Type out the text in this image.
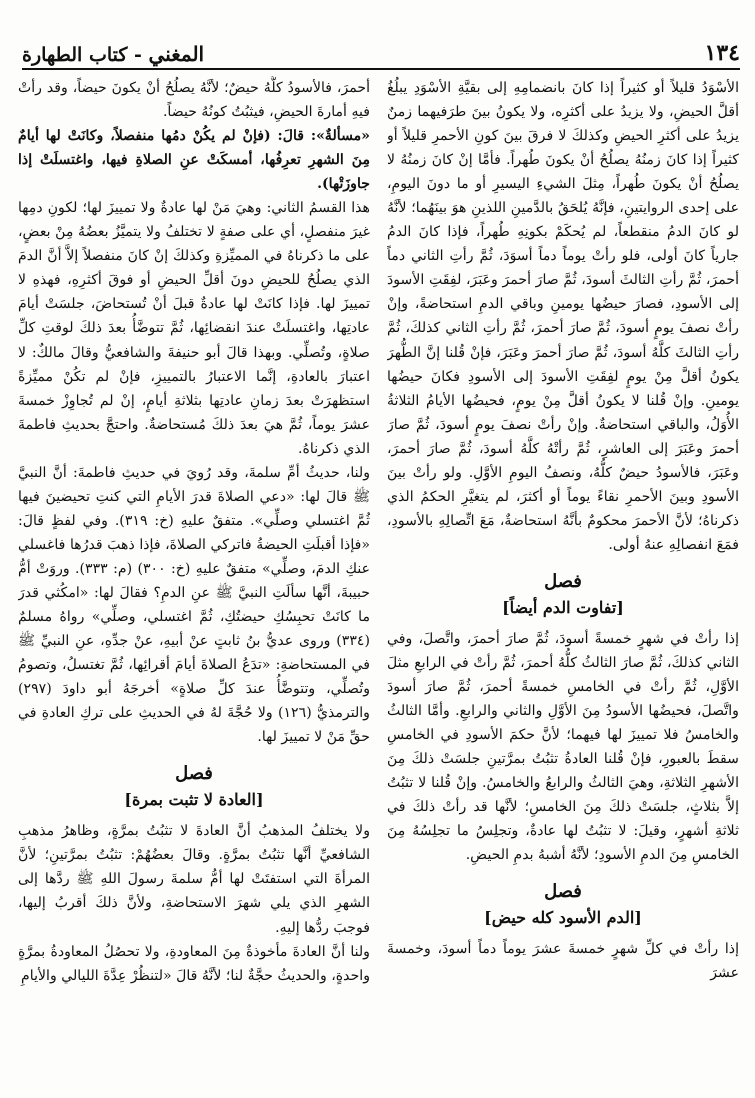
المغني - كتاب الطهارة	١٣٤

الأسْوَدُ قليلاً أو كثيراً إذا كانَ بانضمامِهِ إلى بقيَّةِ الأسْوَدِ يبلُغُ أقلَّ الحيضِ، ولا يزيدُ على أكثرِه، ولا يكونُ بينَ طرَفيهما زمنٌ يزيدُ على أكثرِ الحيضِ وكذلكَ لا فرقَ بينَ كونِ الأحمرِ قليلاً أو كثيراً إذا كانَ زمنُهُ يصلُحُ أنْ يكونَ طُهراً. فأمَّا إنْ كانَ زمنُهُ لا يصلُحُ أنْ يكونَ طُهراً، مِثلَ الشيءِ اليسيرِ أو ما دونَ اليومِ، على إحدى الروايتينِ، فإنَّهُ يُلحَقُ بالدَّمينِ اللذينِ هوَ بينَهُما؛ لأنَّهُ لو كانَ الدمُ منقطعاً، لم يُحكَمْ بكونِهِ طُهراً، فإذا كانَ الدمُ جارياً كانَ أولى، فلو رأتْ يوماً دماً أسوَدَ، ثُمَّ رأتِ الثاني دماً أحمرَ، ثُمَّ رأتِ الثالثَ أسودَ، ثُمَّ صارَ أحمرَ وعَبَرَ، لفِقَتِ الأسودَ إلى الأسودِ، فصارَ حيضُها يومينِ وباقي الدمِ استحاضةً، وإنْ رأتْ نصفَ يومٍ أسودَ، ثُمَّ صارَ أحمرَ، ثُمَّ رأتِ الثاني كذلكَ، ثُمَّ رأتِ الثالثَ كلَّهُ أسودَ، ثُمَّ صارَ أحمرَ وعَبَرَ، فإنْ قُلنا إنَّ الطُّهرَ يكونُ أقلَّ مِنْ يومٍ لفِقَتِ الأسودَ إلى الأسودِ فكانَ حيضُها يومينِ. وإنْ قُلنا لا يكونُ أقلَّ مِنْ يومٍ، فحيضُها الأيامُ الثلاثةُ الأُوَلُ، والباقي استحاضةٌ. وإنْ رأتْ نصفَ يومٍ أسودَ، ثُمَّ صارَ أحمرَ وعَبَرَ إلى العاشرِ، ثُمَّ رأتْهُ كلَّهُ أسودَ، ثُمَّ صارَ أحمرَ، وعَبَرَ، فالأسودُ حيضٌ كلُّهُ، ونصفُ اليومِ الأوَّلِ. ولو رأتْ بينَ الأسودِ وبينَ الأحمرِ نقاءً يوماً أو أكثرَ، لم يتغيَّرِ الحكمُ الذي ذكرناهُ؛ لأنَّ الأحمرَ محكومٌ بأنَّهُ استحاضةٌ، مَعَ اتِّصالِهِ بالأسودِ، فمَعَ انفصالِهِ عنهُ أولى.

فصل
[تفاوت الدم أيضاً]

إذا رأتْ في شهرٍ خمسةً أسودَ، ثُمَّ صارَ أحمرَ، واتَّصلَ، وفي الثاني كذلكَ، ثُمَّ صارَ الثالثُ كلُّهُ أحمرَ، ثُمَّ رأتْ في الرابعِ مثلَ الأوَّلِ، ثُمَّ رأتْ في الخامسِ خمسةً أحمرَ، ثُمَّ صارَ أسودَ واتَّصلَ، فحيضُها الأسودُ مِنَ الأوَّلِ والثاني والرابعِ. وأمَّا الثالثُ والخامسُ فلا تمييزَ لها فيهما؛ لأنَّ حكمَ الأسودِ في الخامسِ سقطَ بالعبورِ، فإنْ قُلنا العادةُ تثبُتُ بمرَّتينِ جلسَتْ ذلكَ مِنَ الأشهرِ الثلاثةِ، وهيَ الثالثُ والرابعُ والخامسُ. وإنْ قُلنا لا تثبُتُ إلاَّ بثلاثٍ، جلسَتْ ذلكَ مِنَ الخامسِ؛ لأنَّها قد رأتْ ذلكَ في ثلاثةِ أشهرٍ، وقيلَ: لا تثبُتُ لها عادةٌ، وتجلِسُ ما تجلِسُهُ مِنَ الخامسِ مِنَ الدمِ الأسودِ؛ لأنَّهُ أشبهُ بدمِ الحيضِ.

فصل
[الدم الأسود كله حيض]

إذا رأتْ في كلِّ شهرٍ خمسةَ عشرَ يوماً دماً أسودَ، وخمسةَ عشرَ

أحمرَ، فالأسودُ كلُّهُ حيضٌ؛ لأنَّهُ يصلُحُ أنْ يكونَ حيضاً، وقد رأتْ فيهِ أمارةَ الحيضِ، فيثبُتُ كونُهُ حيضاً.

«مسألةٌ»: قالَ: (فإنْ لم يكُنْ دمُها منفصلاً، وكانَتْ لها أيامٌ مِنَ الشهرِ تعرِفُها، أمسكَتْ عنِ الصلاةِ فيها، واغتسلَتْ إذا جاوزَتْها).

هذا القسمُ الثاني: وهيَ مَنْ لها عادةٌ ولا تمييزَ لها؛ لكونِ دمِها غيرَ منفصلٍ، أي على صفةٍ لا تختلفُ ولا يتميَّزُ بعضُهُ مِنْ بعضٍ، على ما ذكرناهُ في المميِّزةِ وكذلكَ إنْ كانَ منفصلاً إلاَّ أنَّ الدمَ الذي يصلُحُ للحيضِ دونَ أقلِّ الحيضِ أو فوقَ أكثرِهِ، فهذهِ لا تمييزَ لها. فإذا كانَتْ لها عادةٌ قبلَ أنْ تُستحاضَ، جلسَتْ أيامَ عادتِها، واغتسلَتْ عندَ انقضائِها، ثُمَّ تتوضَّأُ بعدَ ذلكَ لوقتِ كلِّ صلاةٍ، وتُصلِّي. وبهذا قالَ أبو حنيفةَ والشافعيُّ وقالَ مالكٌ: لا اعتبارَ بالعادةِ، إنَّما الاعتبارُ بالتمييزِ، فإنْ لم تكُنْ مميِّزةً استظهرَتْ بعدَ زمانِ عادتِها بثلاثةِ أيامٍ، إنْ لم تُجاوِزْ خمسةَ عشرَ يوماً، ثُمَّ هيَ بعدَ ذلكَ مُستحاضةٌ. واحتجَّ بحديثِ فاطمةَ الذي ذكرناهُ.

ولنا، حديثُ أمِّ سلمةَ، وقد رُويَ في حديثِ فاطمةَ: أنَّ النبيَّ ﷺ قالَ لها: «دعي الصلاةَ قدرَ الأيامِ التي كنتِ تحيضينَ فيها ثُمَّ اغتسلي وصلِّي». متفقٌ عليهِ (خ: ٣١٩). وفي لفظٍ قالَ: «فإذا أقبلَتِ الحيضةُ فاتركي الصلاةَ، فإذا ذهبَ قدرُها فاغسلي عنكِ الدمَ، وصلِّي» متفقٌ عليهِ (خ: ٣٠٠) (م: ٣٣٣). وروَتْ أمُّ حبيبةَ، أنَّها سألَتِ النبيَّ ﷺ عنِ الدمِ؟ فقالَ لها: «امكُثي قدرَ ما كانَتْ تحبِسُكِ حيضتُكِ، ثُمَّ اغتسلي، وصلِّي» رواهُ مسلمٌ (٣٣٤) وروى عديُّ بنُ ثابتٍ عنْ أبيهِ، عنْ جدِّهِ، عنِ النبيِّ ﷺ في المستحاضةِ: «تدَعُ الصلاةَ أيامَ أقرائِها، ثُمَّ تغتسلُ، وتصومُ وتُصلِّي، وتتوضَّأُ عندَ كلِّ صلاةٍ» أخرجَهُ أبو داودَ (٢٩٧) والترمذيُّ (١٢٦) ولا حُجَّةَ لهُ في الحديثِ على تركِ العادةِ في حقِّ مَنْ لا تمييزَ لها.

فصل
[العادة لا تثبت بمرة]

ولا يختلفُ المذهبُ أنَّ العادةَ لا تثبُتُ بمرَّةٍ، وظاهرُ مذهبِ الشافعيِّ أنَّها تثبُتُ بمرَّةٍ. وقالَ بعضُهُمْ: تثبُتُ بمرَّتينِ؛ لأنَّ المرأةَ التي استفتَتْ لها أمُّ سلمةَ رسولَ اللهِ ﷺ ردَّها إلى الشهرِ الذي يلي شهرَ الاستحاضةِ، ولأنَّ ذلكَ أقربُ إليها، فوجبَ ردُّها إليهِ.

ولنا أنَّ العادةَ مأخوذةٌ مِنَ المعاودةِ، ولا تحصُلُ المعاودةُ بمرَّةٍ واحدةٍ، والحديثُ حجَّةٌ لنا؛ لأنَّهُ قالَ «لتنظُرْ عِدَّةَ الليالي والأيامِ
